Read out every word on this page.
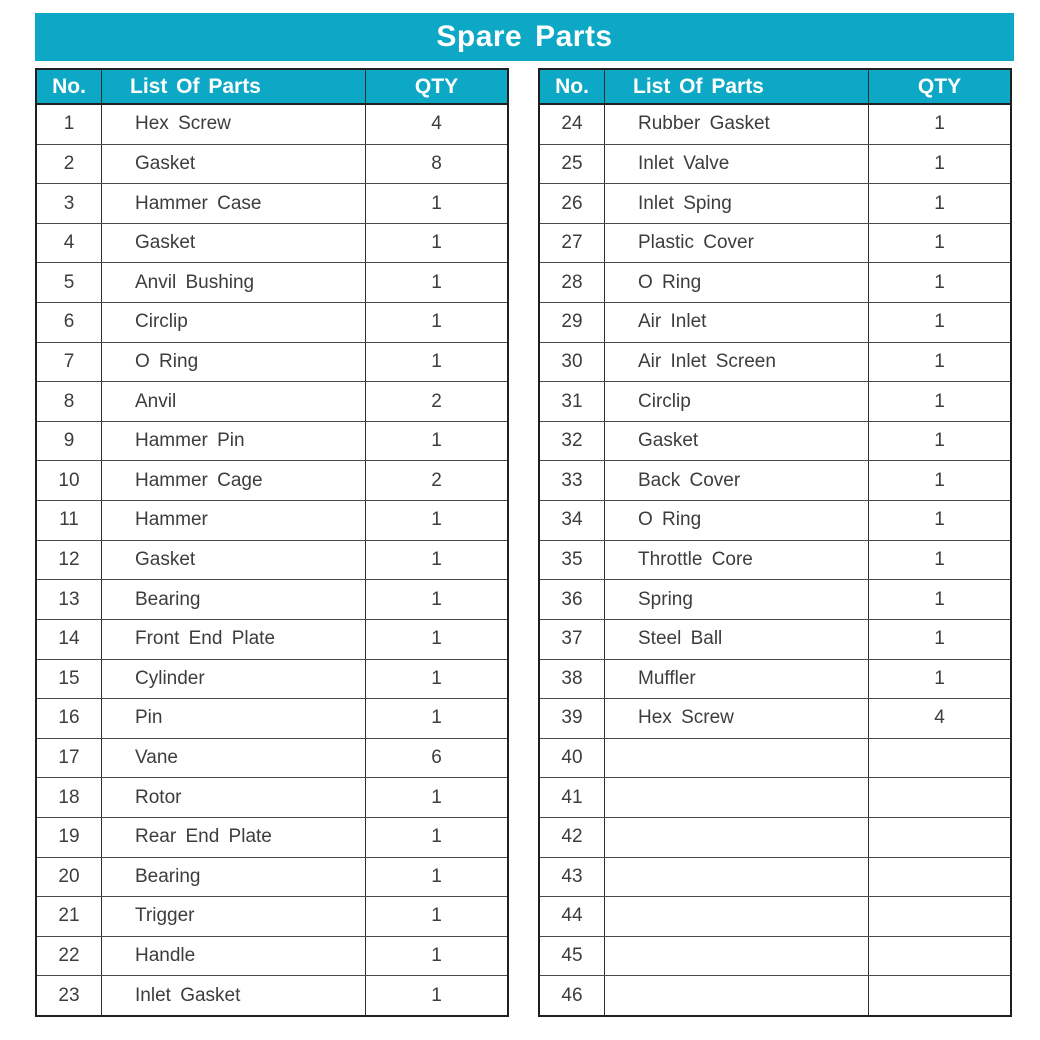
Spare Parts
No.	List Of Parts	QTY
1	Hex Screw	4
2	Gasket	8
3	Hammer Case	1
4	Gasket	1
5	Anvil Bushing	1
6	Circlip	1
7	O Ring	1
8	Anvil	2
9	Hammer Pin	1
10	Hammer Cage	2
11	Hammer	1
12	Gasket	1
13	Bearing	1
14	Front End Plate	1
15	Cylinder	1
16	Pin	1
17	Vane	6
18	Rotor	1
19	Rear End Plate	1
20	Bearing	1
21	Trigger	1
22	Handle	1
23	Inlet Gasket	1
No.	List Of Parts	QTY
24	Rubber Gasket	1
25	Inlet Valve	1
26	Inlet Sping	1
27	Plastic Cover	1
28	O Ring	1
29	Air Inlet	1
30	Air Inlet Screen	1
31	Circlip	1
32	Gasket	1
33	Back Cover	1
34	O Ring	1
35	Throttle Core	1
36	Spring	1
37	Steel Ball	1
38	Muffler	1
39	Hex Screw	4
40
41
42
43
44
45
46
